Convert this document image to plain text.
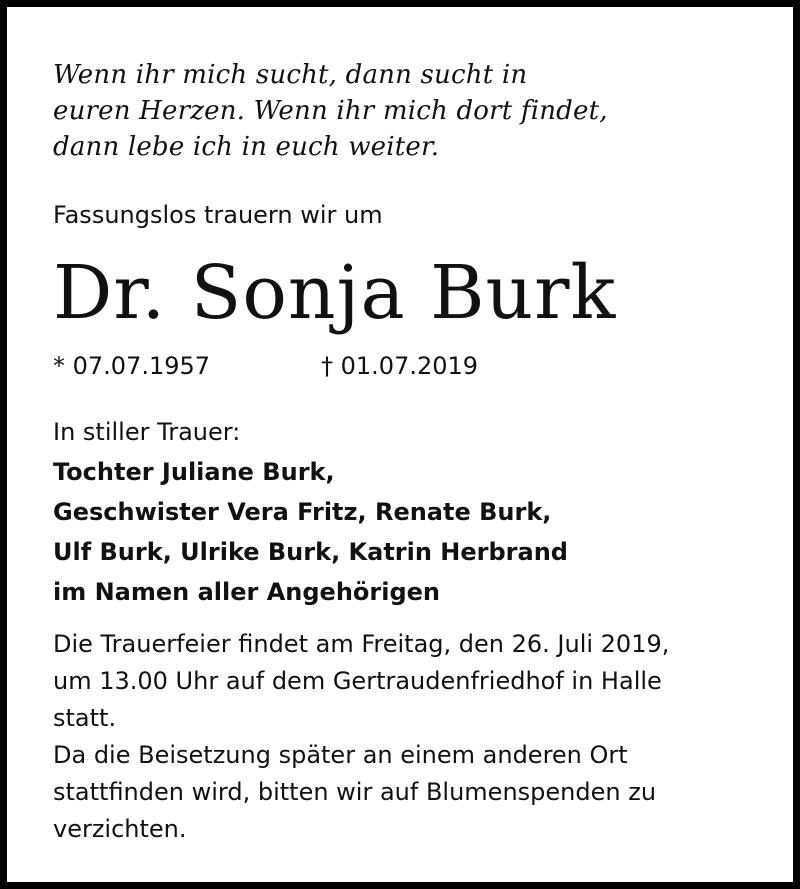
Wenn ihr mich sucht, dann sucht in
euren Herzen. Wenn ihr mich dort findet,
dann lebe ich in euch weiter.
Fassungslos trauern wir um
Dr. Sonja Burk
* 07.07.1957	† 01.07.2019
In stiller Trauer:
Tochter Juliane Burk,
Geschwister Vera Fritz, Renate Burk,
Ulf Burk, Ulrike Burk, Katrin Herbrand
im Namen aller Angehörigen
Die Trauerfeier findet am Freitag, den 26. Juli 2019,
um 13.00 Uhr auf dem Gertraudenfriedhof in Halle
statt.
Da die Beisetzung später an einem anderen Ort
stattfinden wird, bitten wir auf Blumenspenden zu
verzichten.
